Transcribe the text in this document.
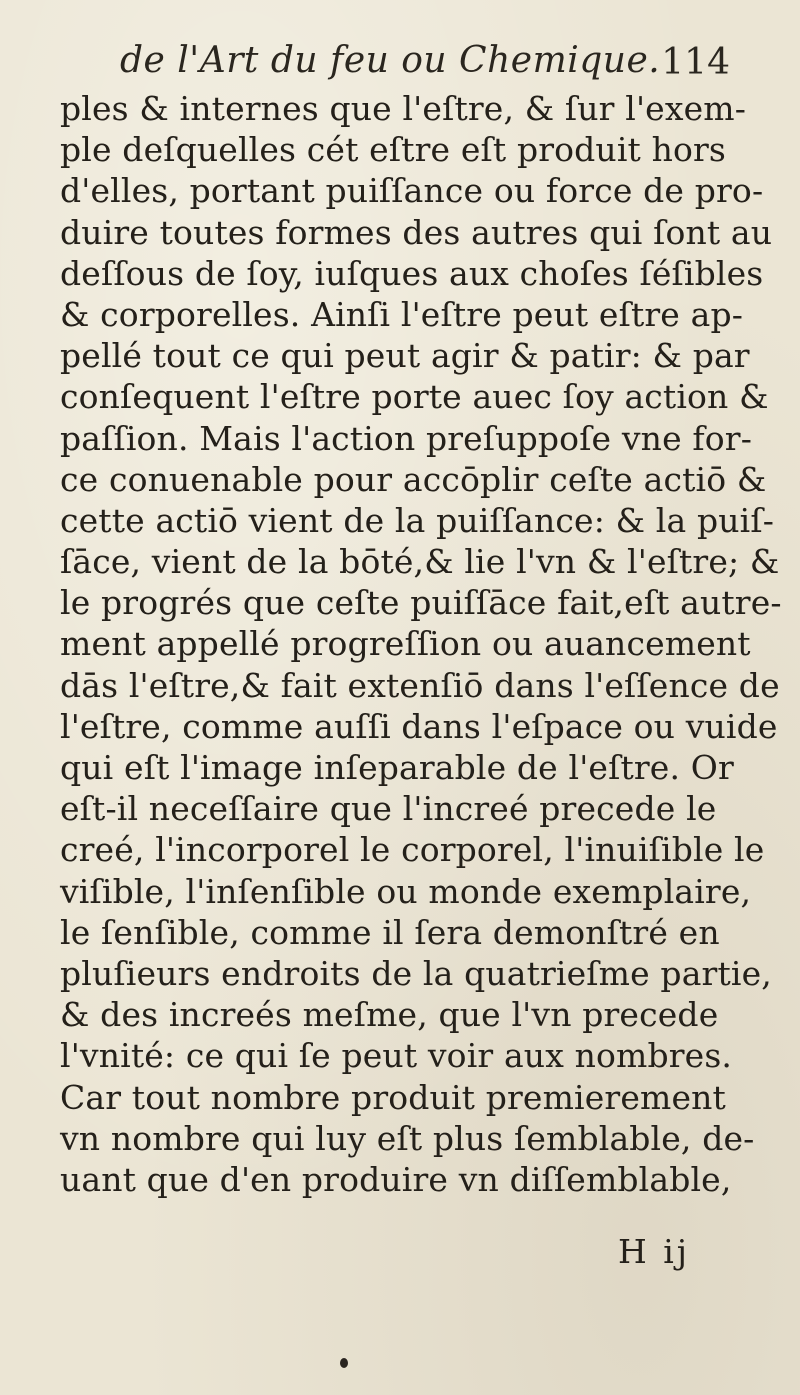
de l'Art du feu ou Chemique. 114
ples & internes que l'eſtre, & ſur l'exem-
ple deſquelles cét eſtre eſt produit hors
d'elles, portant puiſſance ou force de pro-
duire toutes formes des autres qui ſont au
deſſous de ſoy, iuſques aux choſes ſéſibles
& corporelles. Ainſi l'eſtre peut eſtre ap-
pellé tout ce qui peut agir & patir: & par
conſequent l'eſtre porte auec ſoy action &
paſſion. Mais l'action preſuppoſe vne for-
ce conuenable pour accōplir ceſte actiō &
cette actiō vient de la puiſſance: & la puiſ-
ſāce, vient de la bōté,& lie l'vn & l'eſtre; &
le progrés que ceſte puiſſāce fait,eſt autre-
ment appellé progreſſion ou auancement
dās l'eſtre,& fait extenſiō dans l'eſſence de
l'eſtre, comme auſſi dans l'eſpace ou vuide
qui eſt l'image inſeparable de l'eſtre. Or
eſt-il neceſſaire que l'increé precede le
creé, l'incorporel le corporel, l'inuiſible le
viſible, l'inſenſible ou monde exemplaire,
le ſenſible, comme il ſera demonſtré en
pluſieurs endroits de la quatrieſme partie,
& des increés meſme, que l'vn precede
l'vnité: ce qui ſe peut voir aux nombres.
Car tout nombre produit premierement
vn nombre qui luy eſt plus ſemblable, de-
uant que d'en produire vn diſſemblable,
H ij
